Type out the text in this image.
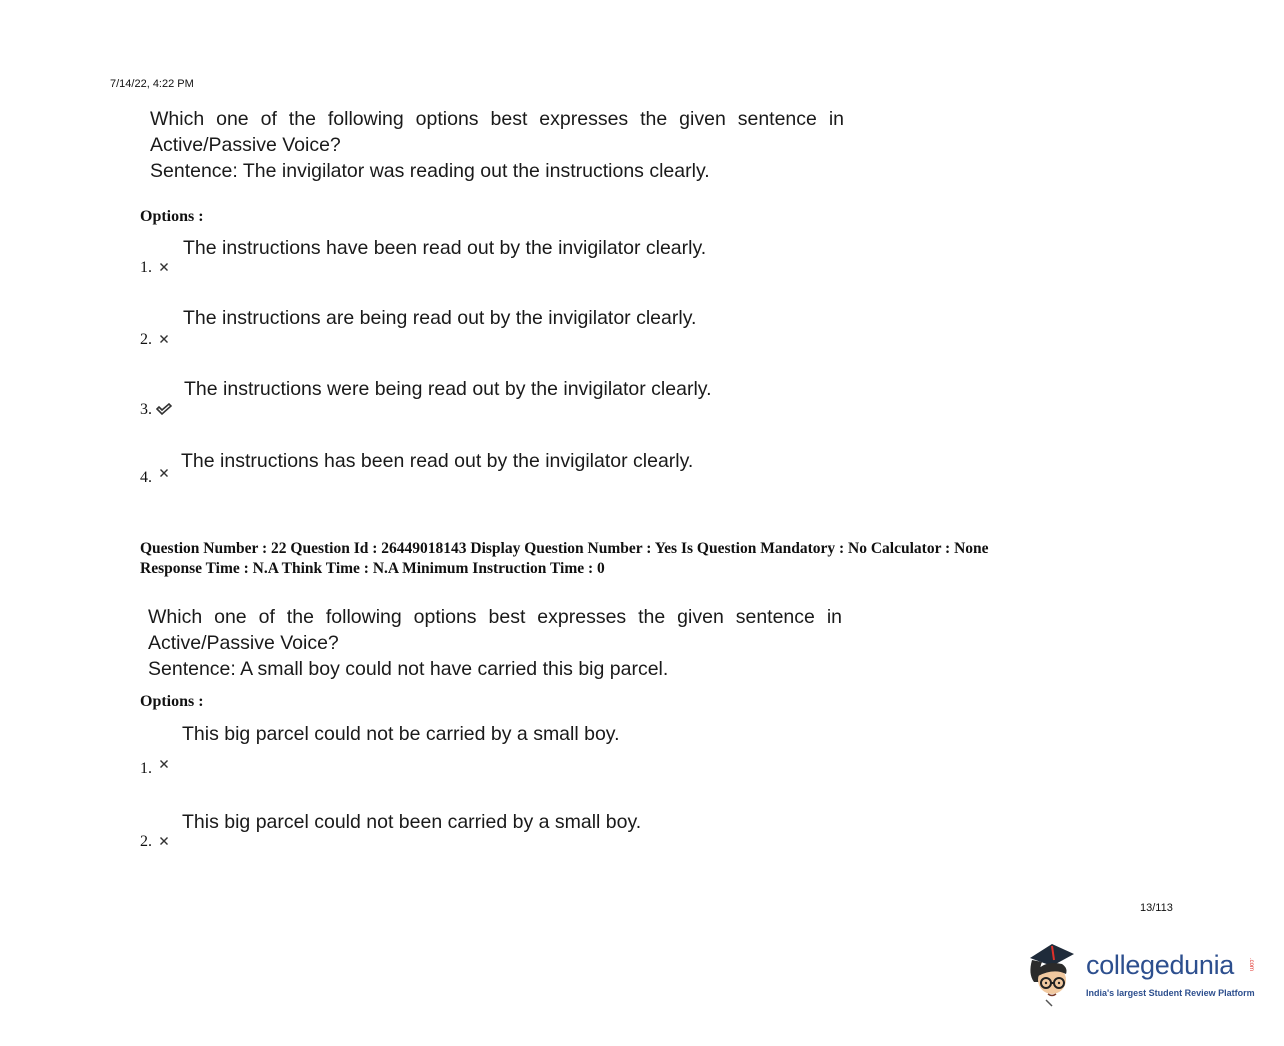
7/14/22, 4:22 PM
Which one of the following options best expresses the given sentence in
Active/Passive Voice?
Sentence: The invigilator was reading out the instructions clearly.
Options :
The instructions have been read out by the invigilator clearly.
1.
The instructions are being read out by the invigilator clearly.
2.
The instructions were being read out by the invigilator clearly.
3.
The instructions has been read out by the invigilator clearly.
4.
Question Number : 22 Question Id : 26449018143 Display Question Number : Yes Is Question Mandatory : No Calculator : None
Response Time : N.A Think Time : N.A Minimum Instruction Time : 0
Which one of the following options best expresses the given sentence in
Active/Passive Voice?
Sentence: A small boy could not have carried this big parcel.
Options :
This big parcel could not be carried by a small boy.
1.
This big parcel could not been carried by a small boy.
2.
13/113
collegedunia .com
India's largest Student Review Platform
